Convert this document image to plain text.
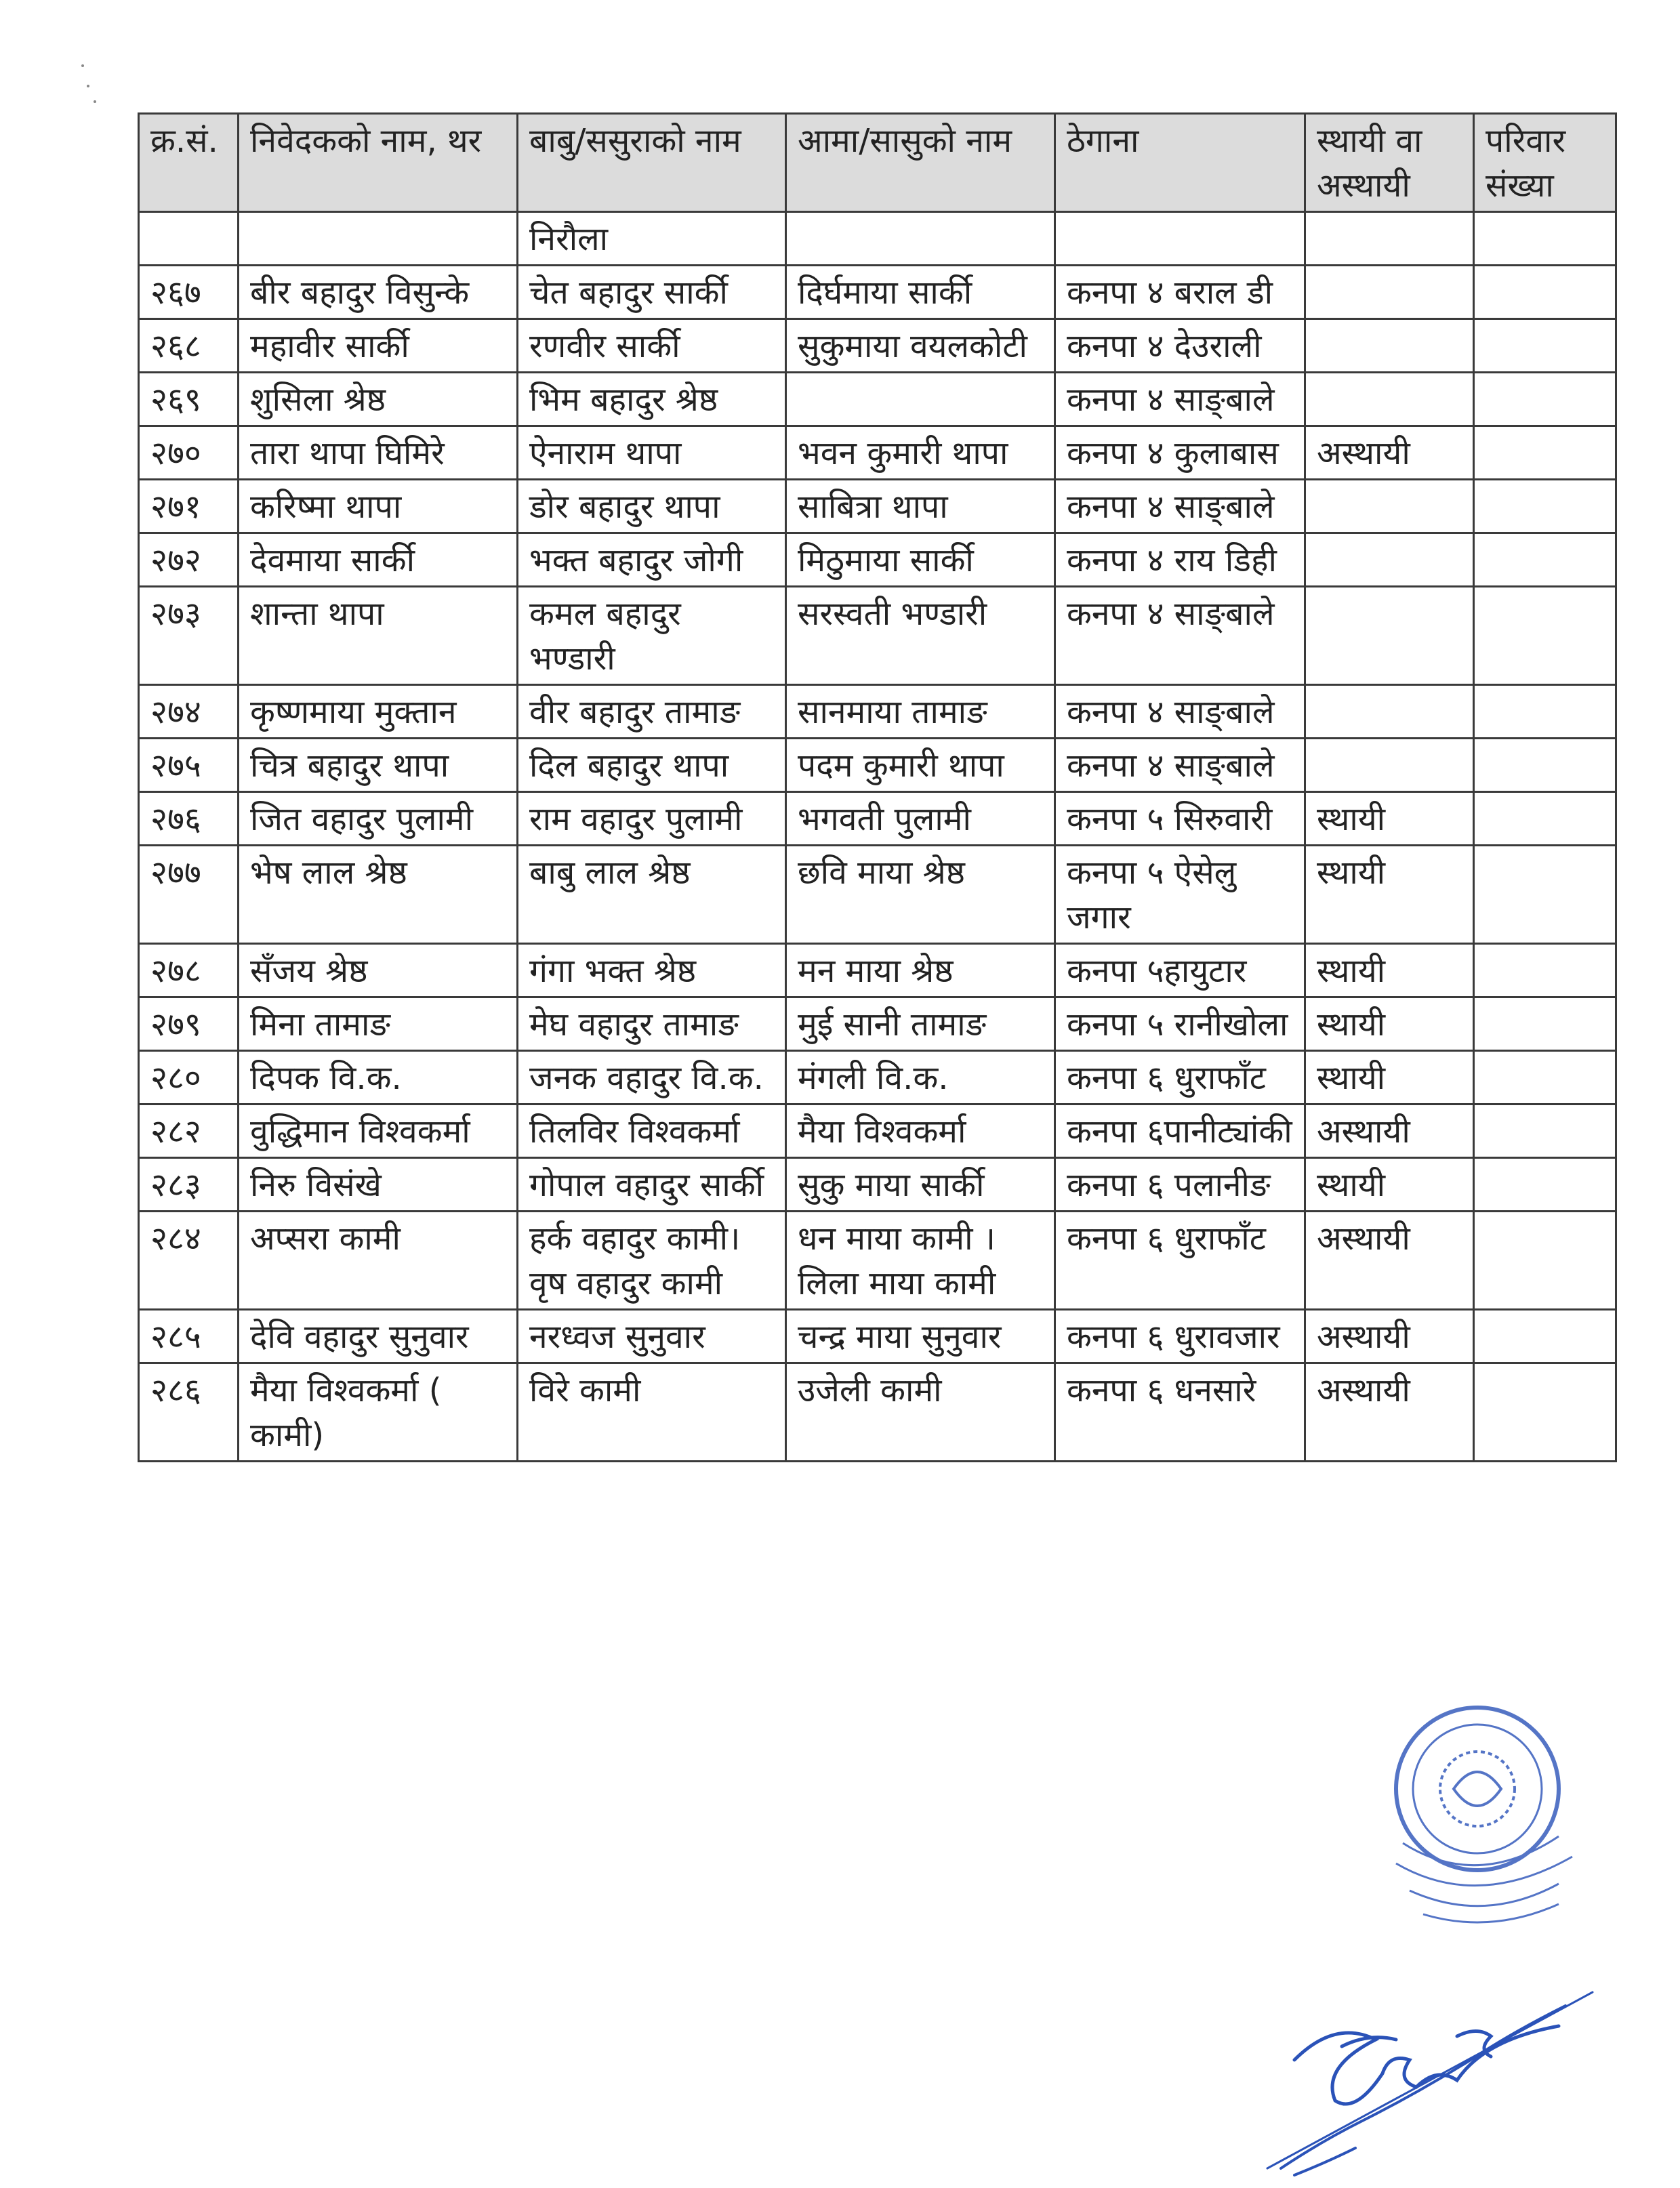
क्र.सं.	निवेदकको नाम, थर	बाबु/ससुराको नाम	आमा/सासुको नाम	ठेगाना	स्थायी वा अस्थायी	परिवार संख्या
		निरौला				
२६७	बीर बहादुर विसुन्के	चेत बहादुर सार्की	दिर्घमाया सार्की	कनपा ४ बराल डी		
२६८	महावीर सार्की	रणवीर सार्की	सुकुमाया वयलकोटी	कनपा ४ देउराली		
२६९	शुसिला श्रेष्ठ	भिम बहादुर श्रेष्ठ		कनपा ४ साङ्बाले		
२७०	तारा थापा घिमिरे	ऐनाराम थापा	भवन कुमारी थापा	कनपा ४ कुलाबास	अस्थायी	
२७१	करिष्मा थापा	डोर बहादुर थापा	साबित्रा थापा	कनपा ४ साङ्बाले		
२७२	देवमाया सार्की	भक्त बहादुर जोगी	मिठुमाया सार्की	कनपा ४ राय डिही		
२७३	शान्ता थापा	कमल बहादुर भण्डारी	सरस्वती भण्डारी	कनपा ४ साङ्बाले		
२७४	कृष्णमाया मुक्तान	वीर बहादुर तामाङ	सानमाया तामाङ	कनपा ४ साङ्बाले		
२७५	चित्र बहादुर थापा	दिल बहादुर थापा	पदम कुमारी थापा	कनपा ४ साङ्बाले		
२७६	जित वहादुर पुलामी	राम वहादुर पुलामी	भगवती पुलामी	कनपा ५ सिरुवारी	स्थायी	
२७७	भेष लाल श्रेष्ठ	बाबु लाल श्रेष्ठ	छवि माया श्रेष्ठ	कनपा ५ ऐसेलु जगार	स्थायी	
२७८	सँजय श्रेष्ठ	गंगा भक्त श्रेष्ठ	मन माया श्रेष्ठ	कनपा ५हायुटार	स्थायी	
२७९	मिना तामाङ	मेघ वहादुर तामाङ	मुई सानी तामाङ	कनपा ५ रानीखोला	स्थायी	
२८०	दिपक वि.क.	जनक वहादुर वि.क.	मंगली वि.क.	कनपा ६ धुराफाँट	स्थायी	
२८२	वुद्धिमान विश्वकर्मा	तिलविर विश्वकर्मा	मैया विश्वकर्मा	कनपा ६पानीट्यांकी	अस्थायी	
२८३	निरु विसंखे	गोपाल वहादुर सार्की	सुकु माया सार्की	कनपा ६ पलानीङ	स्थायी	
२८४	अप्सरा कामी	हर्क वहादुर कामी। वृष वहादुर कामी	धन माया कामी । लिला माया कामी	कनपा ६ धुराफाँट	अस्थायी	
२८५	देवि वहादुर सुनुवार	नरध्वज सुनुवार	चन्द्र माया सुनुवार	कनपा ६ धुरावजार	अस्थायी	
२८६	मैया विश्वकर्मा ( कामी)	विरे कामी	उजेली कामी	कनपा ६ धनसारे	अस्थायी	
